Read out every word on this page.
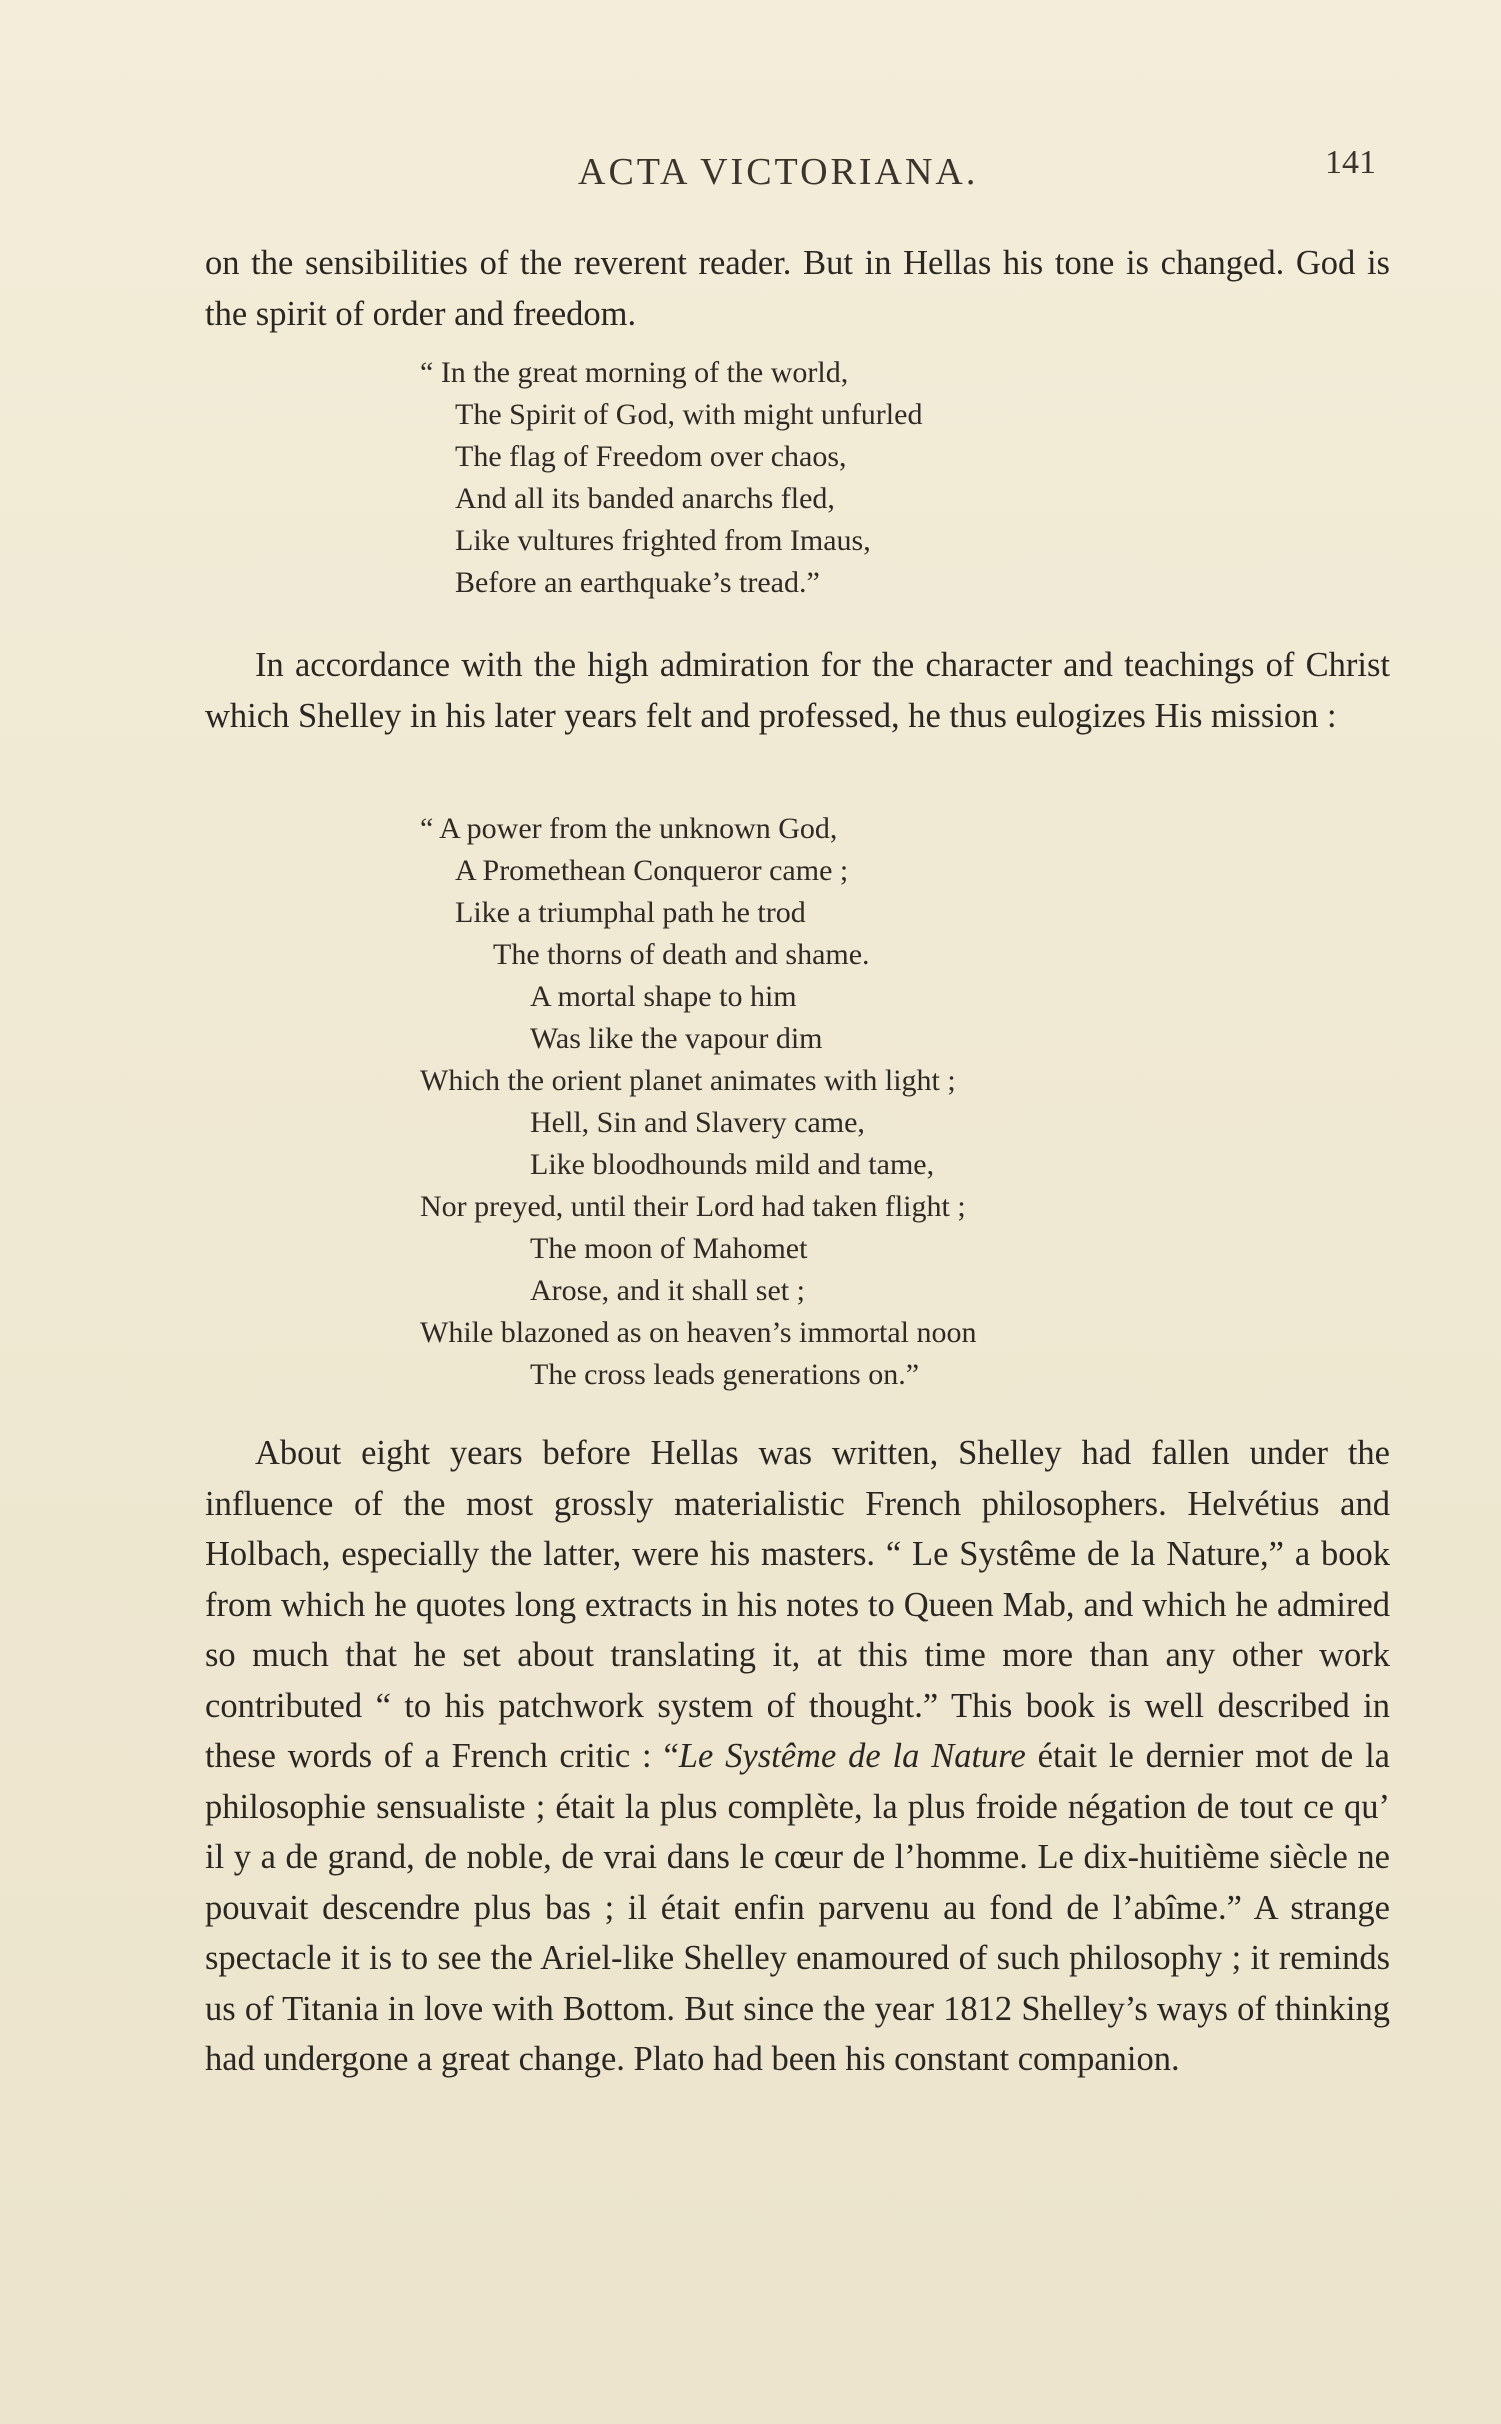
ACTA VICTORIANA.	141

on the sensibilities of the reverent reader. But in Hellas his tone is changed. God is the spirit of order and freedom.

“ In the great morning of the world,
The Spirit of God, with might unfurled
The flag of Freedom over chaos,
And all its banded anarchs fled,
Like vultures frighted from Imaus,
Before an earthquake’s tread.”

In accordance with the high admiration for the character and teachings of Christ which Shelley in his later years felt and professed, he thus eulogizes His mission :

“ A power from the unknown God,
A Promethean Conqueror came ;
Like a triumphal path he trod
The thorns of death and shame.
A mortal shape to him
Was like the vapour dim
Which the orient planet animates with light ;
Hell, Sin and Slavery came,
Like bloodhounds mild and tame,
Nor preyed, until their Lord had taken flight ;
The moon of Mahomet
Arose, and it shall set ;
While blazoned as on heaven’s immortal noon
The cross leads generations on.”

About eight years before Hellas was written, Shelley had fallen under the influence of the most grossly materialistic French philosophers. Helvétius and Holbach, especially the latter, were his masters. “ Le Systême de la Nature,” a book from which he quotes long extracts in his notes to Queen Mab, and which he admired so much that he set about translating it, at this time more than any other work contributed “ to his patchwork system of thought.” This book is well described in these words of a French critic : “Le Systême de la Nature était le dernier mot de la philosophie sensualiste ; était la plus complète, la plus froide négation de tout ce qu’ il y a de grand, de noble, de vrai dans le cœur de l’homme. Le dix-huitième siècle ne pouvait descendre plus bas ; il était enfin parvenu au fond de l’abîme.” A strange spectacle it is to see the Ariel-like Shelley enamoured of such philosophy ; it reminds us of Titania in love with Bottom. But since the year 1812 Shelley’s ways of thinking had undergone a great change. Plato had been his constant companion.
